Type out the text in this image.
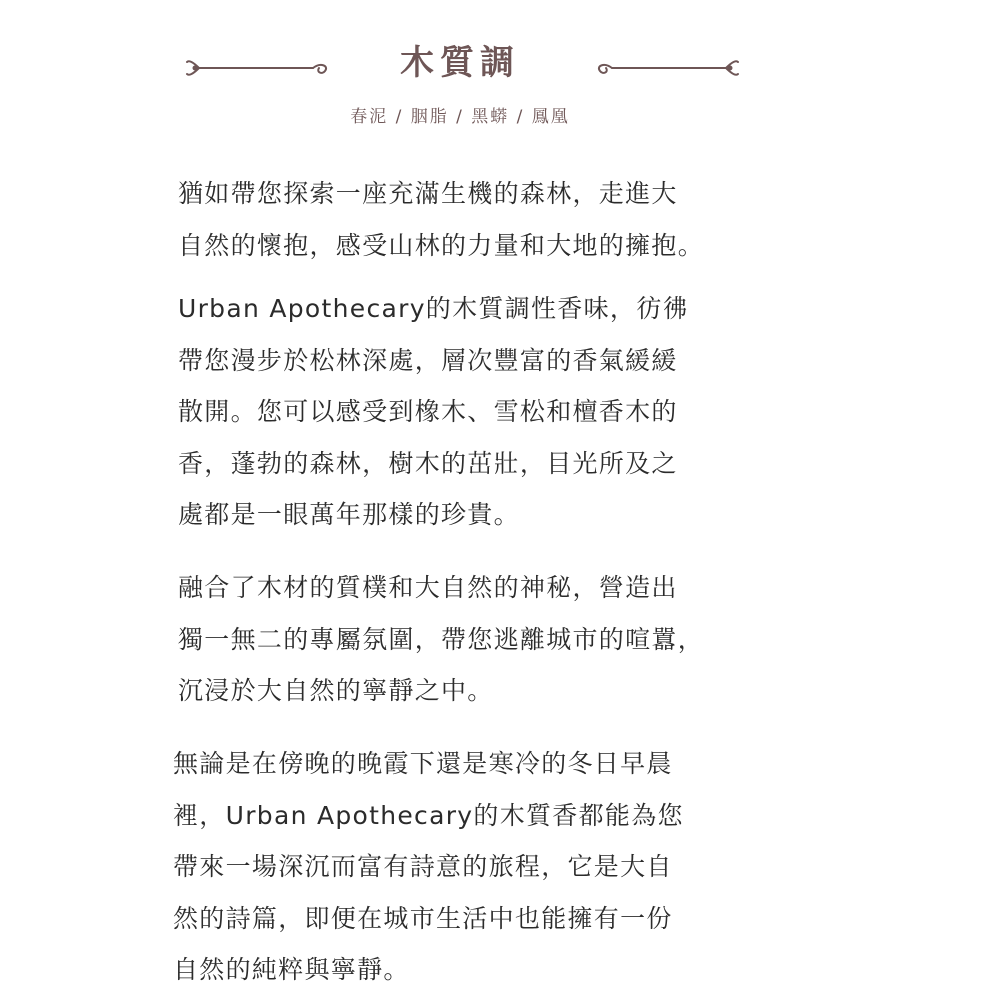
木質調
春泥 / 胭脂 / 黑蟒 / 鳳凰
猶如帶您探索一座充滿生機的森林，走進大
自然的懷抱，感受山林的力量和大地的擁抱。
Urban Apothecary的木質調性香味，彷彿
帶您漫步於松林深處，層次豐富的香氣緩緩
散開。您可以感受到橡木、雪松和檀香木的
香，蓬勃的森林，樹木的茁壯，目光所及之
處都是一眼萬年那樣的珍貴。
融合了木材的質樸和大自然的神秘，營造出
獨一無二的專屬氛圍，帶您逃離城市的喧囂，
沉浸於大自然的寧靜之中。
無論是在傍晚的晚霞下還是寒冷的冬日早晨
裡，Urban Apothecary的木質香都能為您
帶來一場深沉而富有詩意的旅程，它是大自
然的詩篇，即便在城市生活中也能擁有一份
自然的純粹與寧靜。
